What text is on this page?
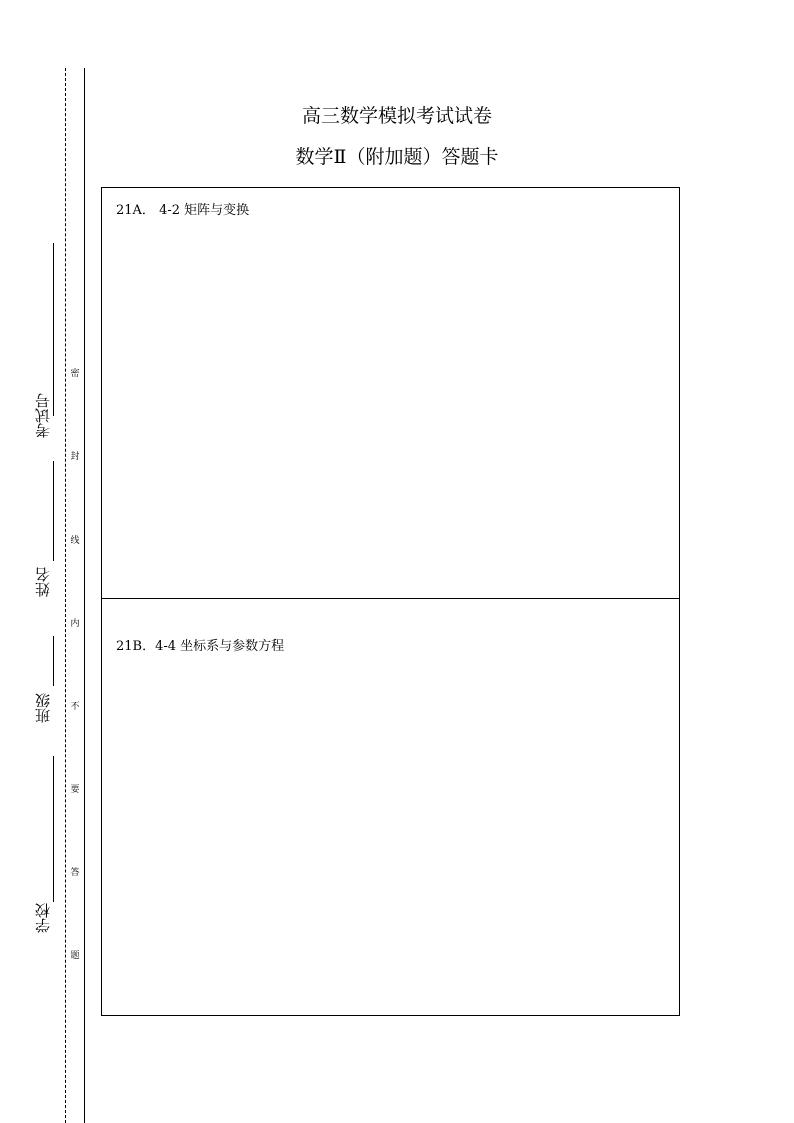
考试号
姓名
班级
学校
密
封
线
内
不
要
答
题
高三数学模拟考试试卷
数学Ⅱ（附加题）答题卡
21A． 4-2 矩阵与变换
21B．4-4 坐标系与参数方程
